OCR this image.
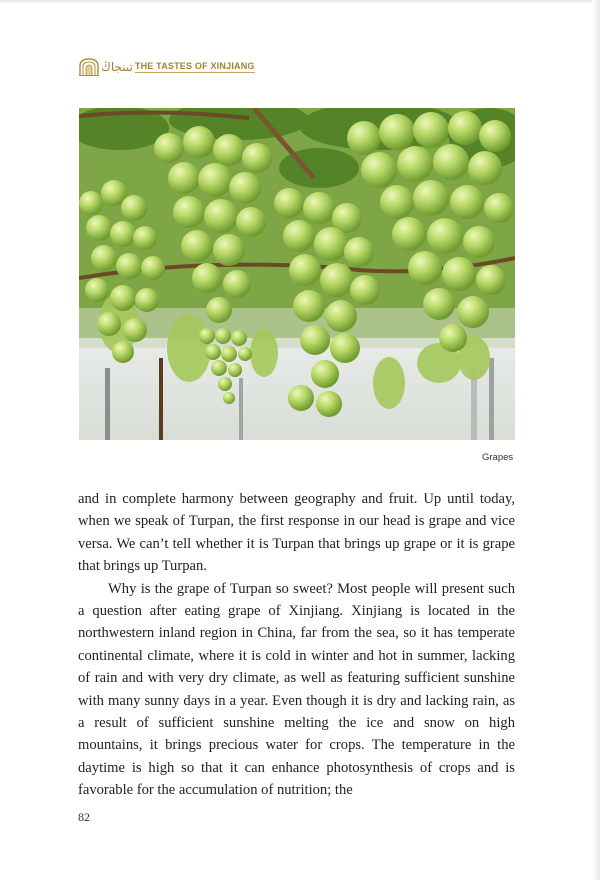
تىنجاڭ THE TASTES OF XINJIANG
Grapes

and in complete harmony between geography and fruit. Up until today, when we speak of Turpan, the first response in our head is grape and vice versa. We can’t tell whether it is Turpan that brings up grape or it is grape that brings up Turpan.

Why is the grape of Turpan so sweet? Most people will present such a question after eating grape of Xinjiang. Xinjiang is located in the northwestern inland region in China, far from the sea, so it has temperate continental climate, where it is cold in winter and hot in summer, lacking of rain and with very dry climate, as well as featuring sufficient sunshine with many sunny days in a year. Even though it is dry and lacking rain, as a result of sufficient sunshine melting the ice and snow on high mountains, it brings precious water for crops. The temperature in the daytime is high so that it can enhance photosynthesis of crops and is favorable for the accumulation of nutrition; the

82
